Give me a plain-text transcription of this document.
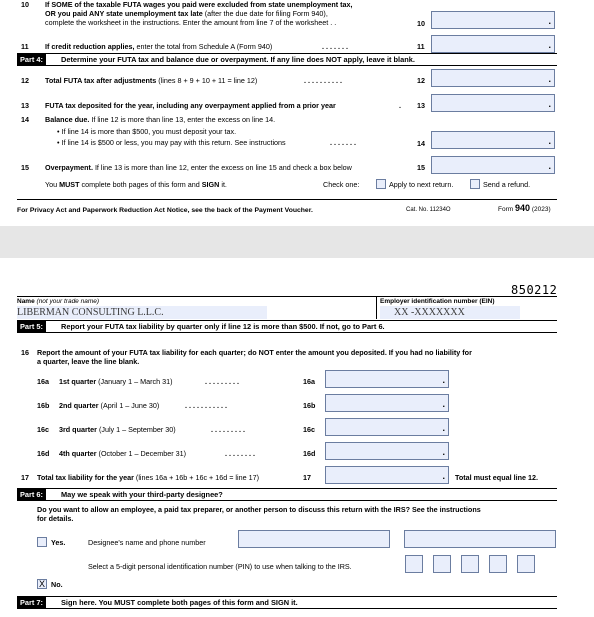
10 If SOME of the taxable FUTA wages you paid were excluded from state unemployment tax,
OR you paid ANY state unemployment tax late (after the due date for filing Form 940),
complete the worksheet in the instructions. Enter the amount from line 7 of the worksheet . .	10	.
11 If credit reduction applies, enter the total from Schedule A (Form 940)	. . . . . . .	11	.
Part 4:	Determine your FUTA tax and balance due or overpayment. If any line does NOT apply, leave it blank.
12 Total FUTA tax after adjustments (lines 8 + 9 + 10 + 11 = line 12)	. . . . . . . . . .	12	.
13 FUTA tax deposited for the year, including any overpayment applied from a prior year	. 13	.
14 Balance due. If line 12 is more than line 13, enter the excess on line 14.
• If line 14 is more than $500, you must deposit your tax.
• If line 14 is $500 or less, you may pay with this return. See instructions	. . . . . . .	14	.
15 Overpayment. If line 13 is more than line 12, enter the excess on line 15 and check a box below	15	.
You MUST complete both pages of this form and SIGN it.	Check one:	Apply to next return.	Send a refund.
For Privacy Act and Paperwork Reduction Act Notice, see the back of the Payment Voucher.	Cat. No. 11234O	Form 940 (2023)
850212
Name (not your trade name)
LIBERMAN CONSULTING L.L.C.
Employer identification number (EIN)
XX -XXXXXXX
Part 5:	Report your FUTA tax liability by quarter only if line 12 is more than $500. If not, go to Part 6.
16 Report the amount of your FUTA tax liability for each quarter; do NOT enter the amount you deposited. If you had no liability for
a quarter, leave the line blank.
16a 1st quarter (January 1 – March 31)	. . . . . . . . .	16a	.
16b 2nd quarter (April 1 – June 30)	. . . . . . . . . . .	16b	.
16c 3rd quarter (July 1 – September 30)	. . . . . . . . .	16c	.
16d 4th quarter (October 1 – December 31)	. . . . . . . .	16d	.
17 Total tax liability for the year (lines 16a + 16b + 16c + 16d = line 17)	17	. Total must equal line 12.
Part 6:	May we speak with your third-party designee?
Do you want to allow an employee, a paid tax preparer, or another person to discuss this return with the IRS? See the instructions
for details.
Yes.	Designee's name and phone number
Select a 5-digit personal identification number (PIN) to use when talking to the IRS.
X No.
Part 7:	Sign here. You MUST complete both pages of this form and SIGN it.
